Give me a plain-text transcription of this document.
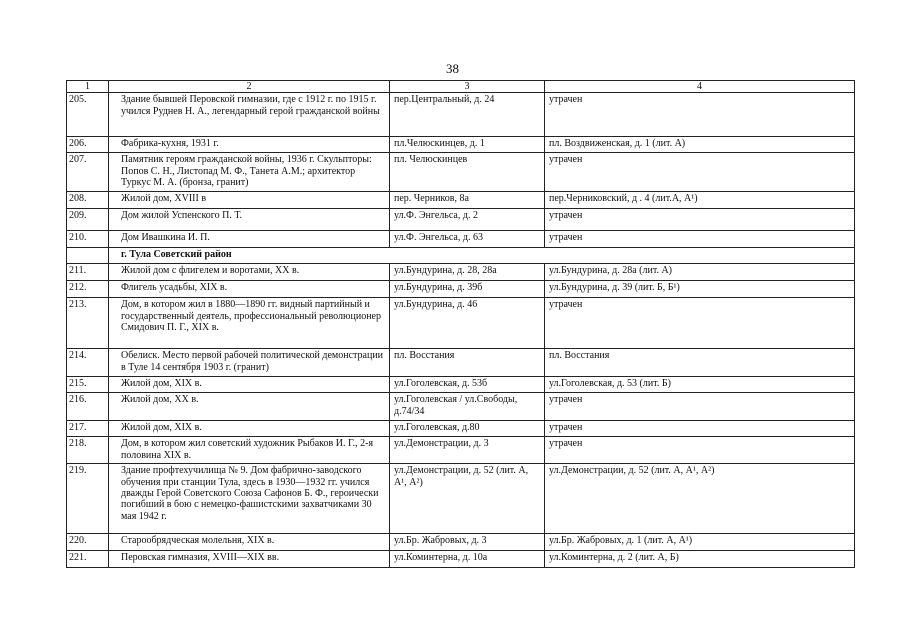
38
1	2	3	4
205.	Здание бывшей Перовской гимназии, где с 1912 г. по 1915 г. учился Руднев Н. А., легендарный герой гражданской войны	пер.Центральный, д. 24	утрачен
206.	Фабрика-кухня, 1931 г.	пл.Челюскинцев, д. 1	пл. Воздвиженская, д. 1 (лит. А)
207.	Памятник героям гражданской войны, 1936 г. Скульпторы: Попов С. Н., Листопад М. Ф., Танета А.М.; архитектор Туркус М. А. (бронза, гранит)	пл. Челюскинцев	утрачен
208.	Жилой дом, XVIII в	пер. Черников, 8а	пер.Черниковский, д . 4 (лит.А, А¹)
209.	Дом жилой Успенского П. Т.	ул.Ф. Энгельса, д. 2	утрачен
210.	Дом Ивашкина И. П.	ул.Ф. Энгельса, д. 63	утрачен
	г. Тула Советский район		
211.	Жилой дом с флигелем и воротами, XX в.	ул.Бундурина, д. 28, 28а	ул.Бундурина, д. 28а (лит. А)
212.	Флигель усадьбы, XIX в.	ул.Бундурина, д. 39б	ул.Бундурина, д. 39 (лит. Б, Б¹)
213.	Дом, в котором жил в 1880—1890 гг. видный партийный и государственный деятель, профессиональный революционер Смидович П. Г., XIX в.	ул.Бундурина, д. 46	утрачен
214.	Обелиск. Место первой рабочей политической демонстрации в Туле 14 сентября 1903 г. (гранит)	пл. Восстания	пл. Восстания
215.	Жилой дом, XIX в.	ул.Гоголевская, д. 53б	ул.Гоголевская, д. 53 (лит. Б)
216.	Жилой дом, XX в.	ул.Гоголевская / ул.Свободы, д.74/34	утрачен
217.	Жилой дом, XIX в.	ул.Гоголевская, д.80	утрачен
218.	Дом, в котором жил советский художник Рыбаков И. Г., 2-я половина XIX в.	ул.Демонстрации, д. 3	утрачен
219.	Здание профтехучилища № 9. Дом фабрично-заводского обучения при станции Тула, здесь в 1930—1932 гг. учился дважды Герой Советского Союза Сафонов Б. Ф., героически погибший в бою с немецко-фашистскими захватчиками 30 мая 1942 г.	ул.Демонстрации, д. 52 (лит. А, А¹, А²)	ул.Демонстрации, д. 52 (лит. А, А¹, А²)
220.	Старообрядческая молельня, XIX в.	ул.Бр. Жабровых, д. 3	ул.Бр. Жабровых, д. 1 (лит. А, А¹)
221.	Перовская гимназия, XVIII—XIX вв.	ул.Коминтерна, д. 10а	ул.Коминтерна, д. 2 (лит. А, Б)
